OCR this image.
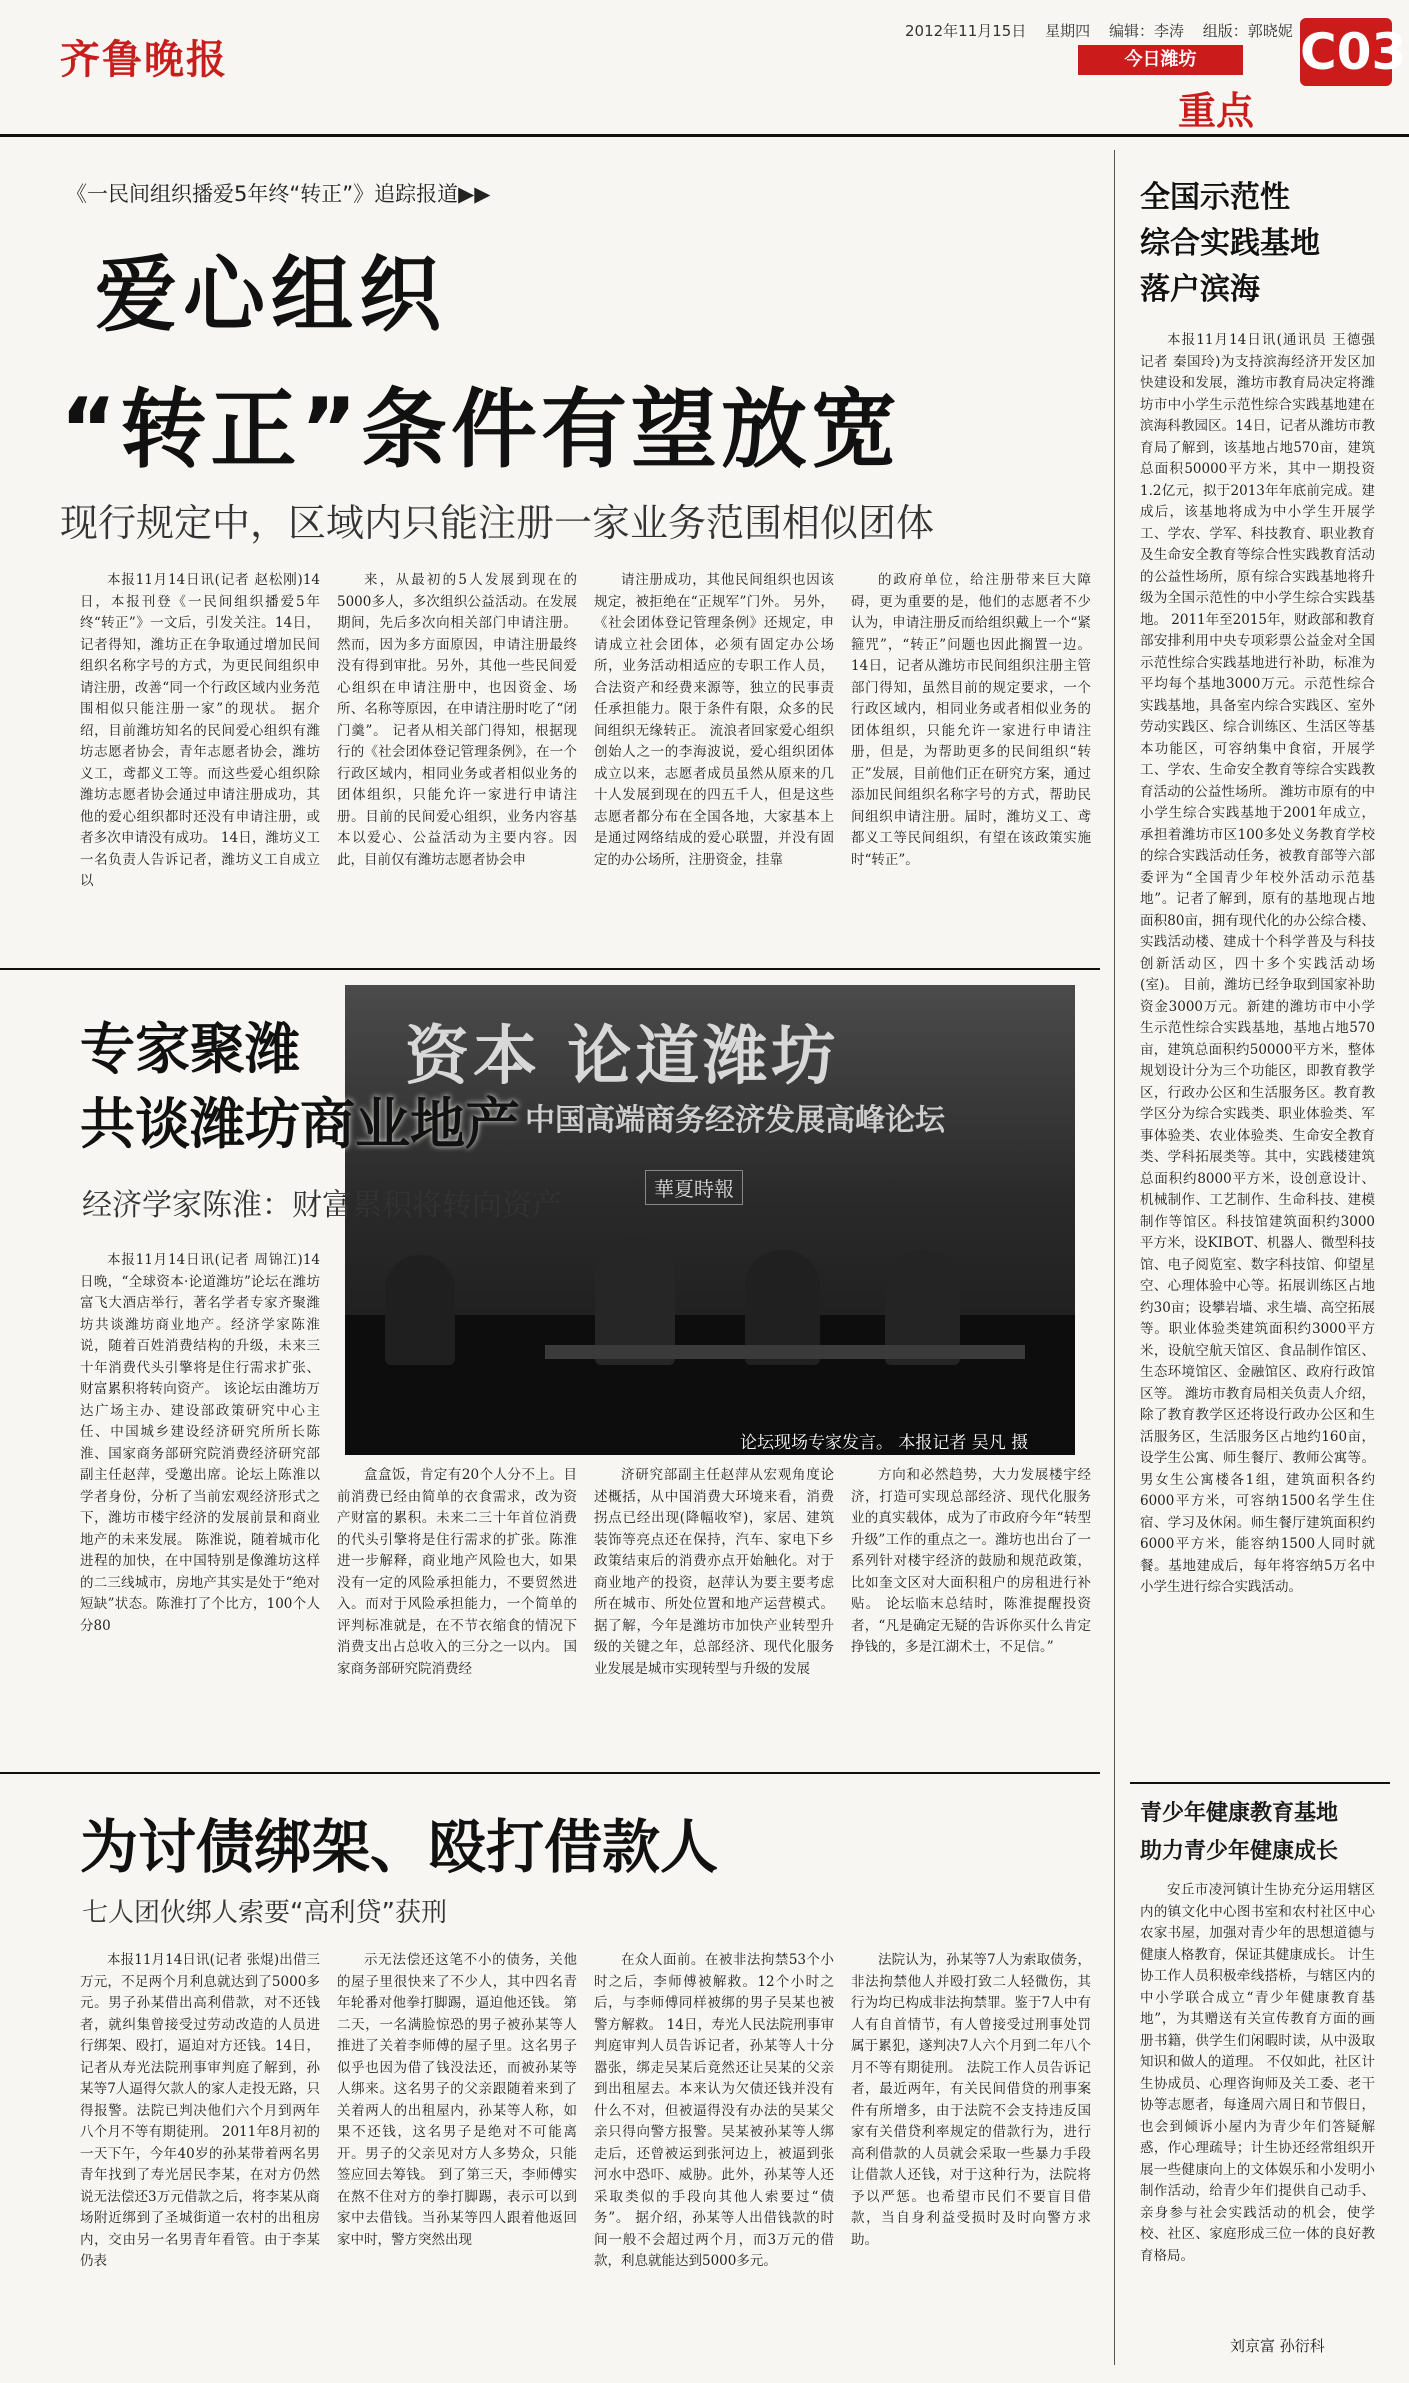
齐鲁晚报
2012年11月15日 星期四 编辑：李涛 组版：郭晓妮
今日潍坊
重点
C03
《一民间组织播爱5年终“转正”》追踪报道▶▶
爱心组织
“转正”条件有望放宽
现行规定中，区域内只能注册一家业务范围相似团体

本报11月14日讯(记者 赵松刚)14日，本报刊登《一民间组织播爱5年终“转正”》一文后，引发关注。14日，记者得知，潍坊正在争取通过增加民间组织名称字号的方式，为更民间组织申请注册，改善“同一个行政区域内业务范围相似只能注册一家”的现状。 据介绍，目前潍坊知名的民间爱心组织有潍坊志愿者协会，青年志愿者协会，潍坊义工，鸢都义工等。而这些爱心组织除潍坊志愿者协会通过申请注册成功，其他的爱心组织都时还没有申请注册，或者多次申请没有成功。 14日，潍坊义工一名负责人告诉记者，潍坊义工自成立以

来，从最初的5人发展到现在的5000多人，多次组织公益活动。在发展期间，先后多次向相关部门申请注册。然而，因为多方面原因，申请注册最终没有得到审批。另外，其他一些民间爱心组织在申请注册中，也因资金、场所、名称等原因，在申请注册时吃了“闭门羹”。 记者从相关部门得知，根据现行的《社会团体登记管理条例》，在一个行政区域内，相同业务或者相似业务的团体组织，只能允许一家进行申请注册。目前的民间爱心组织，业务内容基本以爱心、公益活动为主要内容。因此，目前仅有潍坊志愿者协会申

请注册成功，其他民间组织也因该规定，被拒绝在“正规军”门外。 另外，《社会团体登记管理条例》还规定，申请成立社会团体，必须有固定办公场所，业务活动相适应的专职工作人员，合法资产和经费来源等，独立的民事责任承担能力。限于条件有限，众多的民间组织无缘转正。 流浪者回家爱心组织创始人之一的李海波说，爱心组织团体成立以来，志愿者成员虽然从原来的几十人发展到现在的四五千人，但是这些志愿者都分布在全国各地，大家基本上是通过网络结成的爱心联盟，并没有固定的办公场所，注册资金，挂靠

的政府单位，给注册带来巨大障碍，更为重要的是，他们的志愿者不少认为，申请注册反而给组织戴上一个“紧箍咒”，“转正”问题也因此搁置一边。 14日，记者从潍坊市民间组织注册主管部门得知，虽然目前的规定要求，一个行政区域内，相同业务或者相似业务的团体组织，只能允许一家进行申请注册，但是，为帮助更多的民间组织“转正”发展，目前他们正在研究方案，通过添加民间组织名称字号的方式，帮助民间组织申请注册。届时，潍坊义工、鸢都义工等民间组织，有望在该政策实施时“转正”。

资本 论道潍坊
中国高端商务经济发展高峰论坛
華夏時報
论坛现场专家发言。 本报记者 吴凡 摄
专家聚潍
共谈潍坊商业地产
经济学家陈淮：财富累积将转向资产

本报11月14日讯(记者 周锦江)14日晚，“全球资本·论道潍坊”论坛在潍坊富飞大酒店举行，著名学者专家齐聚潍坊共谈潍坊商业地产。经济学家陈淮说，随着百姓消费结构的升级，未来三十年消费代头引擎将是住行需求扩张、财富累积将转向资产。 该论坛由潍坊万达广场主办、建设部政策研究中心主任、中国城乡建设经济研究所所长陈淮、国家商务部研究院消费经济研究部副主任赵萍，受邀出席。论坛上陈淮以学者身份，分析了当前宏观经济形式之下，潍坊市楼宇经济的发展前景和商业地产的未来发展。 陈淮说，随着城市化进程的加快，在中国特别是像潍坊这样的二三线城市，房地产其实是处于“绝对短缺”状态。陈淮打了个比方，100个人分80

盒盒饭，肯定有20个人分不上。目前消费已经由简单的衣食需求，改为资产财富的累积。未来二三十年首位消费的代头引擎将是住行需求的扩张。陈淮进一步解释，商业地产风险也大，如果没有一定的风险承担能力，不要贸然进入。而对于风险承担能力，一个简单的评判标准就是，在不节衣缩食的情况下消费支出占总收入的三分之一以内。 国家商务部研究院消费经

济研究部副主任赵萍从宏观角度论述概括，从中国消费大环境来看，消费拐点已经出现(降幅收窄)，家居、建筑装饰等亮点还在保持，汽车、家电下乡政策结束后的消费亦点开始触化。对于商业地产的投资，赵萍认为要主要考虑所在城市、所处位置和地产运营模式。 据了解，今年是潍坊市加快产业转型升级的关键之年，总部经济、现代化服务业发展是城市实现转型与升级的发展

方向和必然趋势，大力发展楼宇经济，打造可实现总部经济、现代化服务业的真实载体，成为了市政府今年“转型升级”工作的重点之一。潍坊也出台了一系列针对楼宇经济的鼓励和规范政策，比如奎文区对大面积租户的房租进行补贴。 论坛临末总结时，陈淮提醒投资者，“凡是确定无疑的告诉你买什么肯定挣钱的，多是江湖术士，不足信。”

为讨债绑架、殴打借款人
七人团伙绑人索要“高利贷”获刑

本报11月14日讯(记者 张焜)出借三万元，不足两个月利息就达到了5000多元。男子孙某借出高利借款，对不还钱者，就纠集曾接受过劳动改造的人员进行绑架、殴打，逼迫对方还钱。14日，记者从寿光法院刑事审判庭了解到，孙某等7人逼得欠款人的家人走投无路，只得报警。法院已判决他们六个月到两年八个月不等有期徒刑。 2011年8月初的一天下午，今年40岁的孙某带着两名男青年找到了寿光居民李某，在对方仍然说无法偿还3万元借款之后，将李某从商场附近绑到了圣城街道一农村的出租房内，交由另一名男青年看管。由于李某仍表

示无法偿还这笔不小的债务，关他的屋子里很快来了不少人，其中四名青年轮番对他拳打脚踢，逼迫他还钱。 第二天，一名满脸惊恐的男子被孙某等人推进了关着李师傅的屋子里。这名男子似乎也因为借了钱没法还，而被孙某等人绑来。这名男子的父亲跟随着来到了关着两人的出租屋内，孙某等人称，如果不还钱，这名男子是绝对不可能离开。男子的父亲见对方人多势众，只能签应回去筹钱。 到了第三天，李师傅实在熬不住对方的拳打脚踢，表示可以到家中去借钱。当孙某等四人跟着他返回家中时，警方突然出现

在众人面前。在被非法拘禁53个小时之后，李师傅被解救。12个小时之后，与李师傅同样被绑的男子吴某也被警方解救。 14日，寿光人民法院刑事审判庭审判人员告诉记者，孙某等人十分嚣张，绑走吴某后竟然还让吴某的父亲到出租屋去。本来认为欠债还钱并没有什么不对，但被逼得没有办法的吴某父亲只得向警方报警。吴某被孙某等人绑走后，还曾被运到张河边上，被逼到张河水中恐吓、威胁。此外，孙某等人还采取类似的手段向其他人索要过“债务”。 据介绍，孙某等人出借钱款的时间一般不会超过两个月，而3万元的借款，利息就能达到5000多元。

法院认为，孙某等7人为索取债务，非法拘禁他人并殴打致二人轻微伤，其行为均已构成非法拘禁罪。鉴于7人中有人有自首情节，有人曾接受过刑事处罚属于累犯，遂判决7人六个月到二年八个月不等有期徒刑。 法院工作人员告诉记者，最近两年，有关民间借贷的刑事案件有所增多，由于法院不会支持违反国家有关借贷利率规定的借款行为，进行高利借款的人员就会采取一些暴力手段让借款人还钱，对于这种行为，法院将予以严惩。也希望市民们不要盲目借款，当自身利益受损时及时向警方求助。

全国示范性
综合实践基地
落户滨海

本报11月14日讯(通讯员 王德强 记者 秦国玲)为支持滨海经济开发区加快建设和发展，潍坊市教育局决定将潍坊市中小学生示范性综合实践基地建在滨海科教园区。14日，记者从潍坊市教育局了解到，该基地占地570亩，建筑总面积50000平方米，其中一期投资1.2亿元，拟于2013年年底前完成。建成后，该基地将成为中小学生开展学工、学农、学军、科技教育、职业教育及生命安全教育等综合性实践教育活动的公益性场所，原有综合实践基地将升级为全国示范性的中小学生综合实践基地。 2011年至2015年，财政部和教育部安排利用中央专项彩票公益金对全国示范性综合实践基地进行补助，标准为平均每个基地3000万元。示范性综合实践基地，具备室内综合实践区、室外劳动实践区、综合训练区、生活区等基本功能区，可容纳集中食宿，开展学工、学农、生命安全教育等综合实践教育活动的公益性场所。 潍坊市原有的中小学生综合实践基地于2001年成立，承担着潍坊市区100多处义务教育学校的综合实践活动任务，被教育部等六部委评为“全国青少年校外活动示范基地”。记者了解到，原有的基地现占地面积80亩，拥有现代化的办公综合楼、实践活动楼、建成十个科学普及与科技创新活动区，四十多个实践活动场(室)。 目前，潍坊已经争取到国家补助资金3000万元。新建的潍坊市中小学生示范性综合实践基地，基地占地570亩，建筑总面积约50000平方米，整体规划设计分为三个功能区，即教育教学区，行政办公区和生活服务区。教育教学区分为综合实践类、职业体验类、军事体验类、农业体验类、生命安全教育类、学科拓展类等。其中，实践楼建筑总面积约8000平方米，设创意设计、机械制作、工艺制作、生命科技、建模制作等馆区。科技馆建筑面积约3000平方米，设KIBOT、机器人、微型科技馆、电子阅览室、数字科技馆、仰望星空、心理体验中心等。拓展训练区占地约30亩；设攀岩墙、求生墙、高空拓展等。职业体验类建筑面积约3000平方米，设航空航天馆区、食品制作馆区、生态环境馆区、金融馆区、政府行政馆区等。 潍坊市教育局相关负责人介绍，除了教育教学区还将设行政办公区和生活服务区，生活服务区占地约160亩，设学生公寓、师生餐厅、教师公寓等。男女生公寓楼各1组，建筑面积各约6000平方米，可容纳1500名学生住宿、学习及休闲。师生餐厅建筑面积约6000平方米，能容纳1500人同时就餐。基地建成后，每年将容纳5万名中小学生进行综合实践活动。

青少年健康教育基地
助力青少年健康成长

安丘市凌河镇计生协充分运用辖区内的镇文化中心图书室和农村社区中心农家书屋，加强对青少年的思想道德与健康人格教育，保证其健康成长。 计生协工作人员积极牵线搭桥，与辖区内的中小学联合成立“青少年健康教育基地”，为其赠送有关宣传教育方面的画册书籍，供学生们闲暇时读，从中汲取知识和做人的道理。 不仅如此，社区计生协成员、心理咨询师及关工委、老干协等志愿者，每逢周六周日和节假日，也会到倾诉小屋内为青少年们答疑解惑，作心理疏导；计生协还经常组织开展一些健康向上的文体娱乐和小发明小制作活动，给青少年们提供自己动手、亲身参与社会实践活动的机会，使学校、社区、家庭形成三位一体的良好教育格局。

刘京富 孙衍科
